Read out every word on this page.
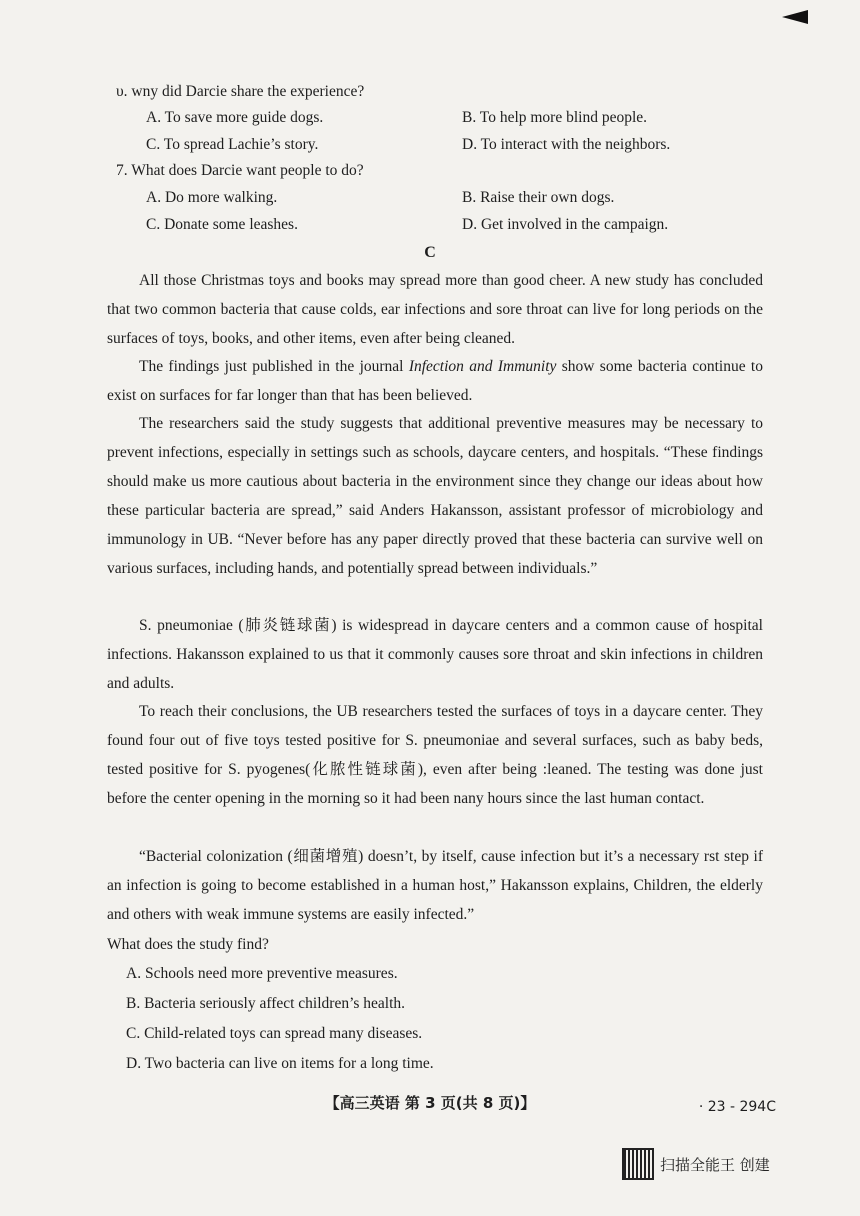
υ. wny did Darcie share the experience?
A. To save more guide dogs.	B. To help more blind people.
C. To spread Lachie’s story.	D. To interact with the neighbors.
7. What does Darcie want people to do?
A. Do more walking.	B. Raise their own dogs.
C. Donate some leashes.	D. Get involved in the campaign.
C
All those Christmas toys and books may spread more than good cheer. A new study has concluded that two common bacteria that cause colds, ear infections and sore throat can live for long periods on the surfaces of toys, books, and other items, even after being cleaned.
The findings just published in the journal Infection and Immunity show some bacteria continue to exist on surfaces for far longer than that has been believed.
The researchers said the study suggests that additional preventive measures may be necessary to prevent infections, especially in settings such as schools, daycare centers, and hospitals. “These findings should make us more cautious about bacteria in the environment since they change our ideas about how these particular bacteria are spread,” said Anders Hakansson, assistant professor of microbiology and immunology in UB. “Never before has any paper directly proved that these bacteria can survive well on various surfaces, including hands, and potentially spread between individuals.”
S. pneumoniae (肺炎链球菌) is widespread in daycare centers and a common cause of hospital infections. Hakansson explained to us that it commonly causes sore throat and skin infections in children and adults.
To reach their conclusions, the UB researchers tested the surfaces of toys in a daycare center. They found four out of five toys tested positive for S. pneumoniae and several surfaces, such as baby beds, tested positive for S. pyogenes(化脓性链球菌), even after being :leaned. The testing was done just before the center opening in the morning so it had been nany hours since the last human contact.
“Bacterial colonization (细菌增殖) doesn’t, by itself, cause infection but it’s a necessary rst step if an infection is going to become established in a human host,” Hakansson explains, Children, the elderly and others with weak immune systems are easily infected.”
What does the study find?
A. Schools need more preventive measures.
B. Bacteria seriously affect children’s health.
C. Child-related toys can spread many diseases.
D. Two bacteria can live on items for a long time.
【高三英语 第 3 页(共 8 页)】	· 23 - 294C
扫描全能王 创建
